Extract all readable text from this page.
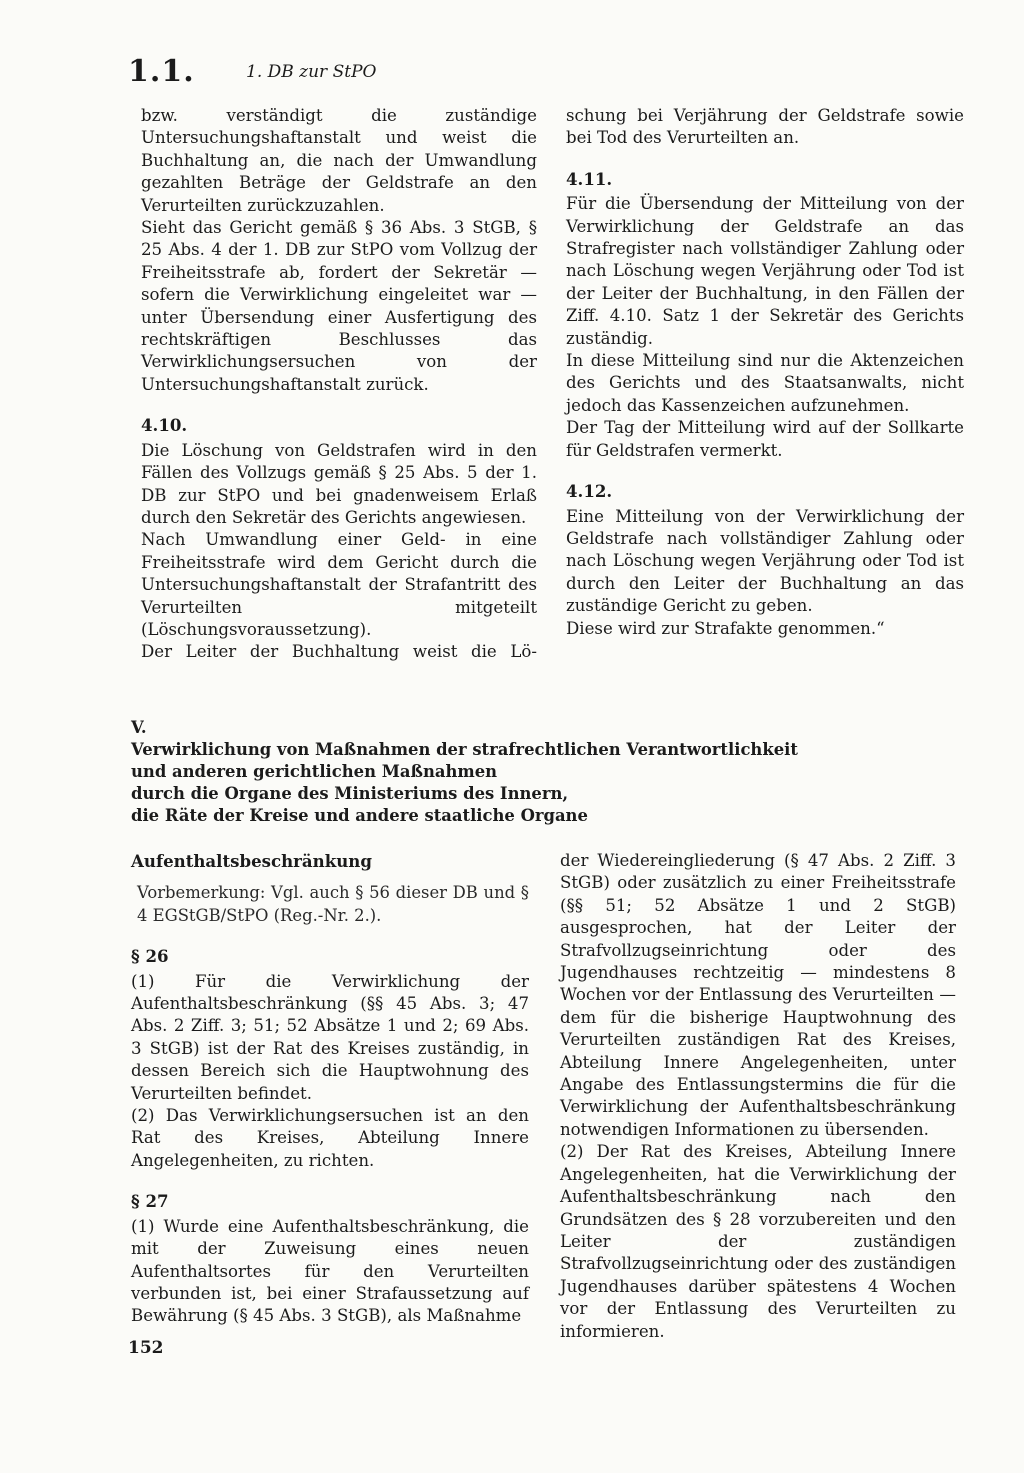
1.1.	1. DB zur StPO

bzw. verständigt die zuständige Untersuchungshaftanstalt und weist die Buchhaltung an, die nach der Umwandlung gezahlten Beträge der Geldstrafe an den Verurteilten zurückzuzahlen.

Sieht das Gericht gemäß § 36 Abs. 3 StGB, § 25 Abs. 4 der 1. DB zur StPO vom Vollzug der Freiheitsstrafe ab, fordert der Sekretär — sofern die Verwirklichung eingeleitet war — unter Übersendung einer Ausfertigung des rechtskräftigen Beschlusses das Verwirklichungsersuchen von der Untersuchungshaftanstalt zurück.

4.10.

Die Löschung von Geldstrafen wird in den Fällen des Vollzugs gemäß § 25 Abs. 5 der 1. DB zur StPO und bei gnadenweisem Erlaß durch den Sekretär des Gerichts angewiesen.

Nach Umwandlung einer Geld- in eine Freiheitsstrafe wird dem Gericht durch die Untersuchungshaftanstalt der Strafantritt des Verurteilten mitgeteilt (Löschungsvoraussetzung).

Der Leiter der Buchhaltung weist die Lö-

schung bei Verjährung der Geldstrafe sowie bei Tod des Verurteilten an.

4.11.

Für die Übersendung der Mitteilung von der Verwirklichung der Geldstrafe an das Strafregister nach vollständiger Zahlung oder nach Löschung wegen Verjährung oder Tod ist der Leiter der Buchhaltung, in den Fällen der Ziff. 4.10. Satz 1 der Sekretär des Gerichts zuständig.

In diese Mitteilung sind nur die Aktenzeichen des Gerichts und des Staatsanwalts, nicht jedoch das Kassenzeichen aufzunehmen.

Der Tag der Mitteilung wird auf der Sollkarte für Geldstrafen vermerkt.

4.12.

Eine Mitteilung von der Verwirklichung der Geldstrafe nach vollständiger Zahlung oder nach Löschung wegen Verjährung oder Tod ist durch den Leiter der Buchhaltung an das zuständige Gericht zu geben.

Diese wird zur Strafakte genommen.“

V.
Verwirklichung von Maßnahmen der strafrechtlichen Verantwortlichkeit
und anderen gerichtlichen Maßnahmen
durch die Organe des Ministeriums des Innern,
die Räte der Kreise und andere staatliche Organe

Aufenthaltsbeschränkung

Vorbemerkung: Vgl. auch § 56 dieser DB und § 4 EGStGB/StPO (Reg.-Nr. 2.).

§ 26

(1) Für die Verwirklichung der Aufenthaltsbeschränkung (§§ 45 Abs. 3; 47 Abs. 2 Ziff. 3; 51; 52 Absätze 1 und 2; 69 Abs. 3 StGB) ist der Rat des Kreises zuständig, in dessen Bereich sich die Hauptwohnung des Verurteilten befindet.

(2) Das Verwirklichungsersuchen ist an den Rat des Kreises, Abteilung Innere Angelegenheiten, zu richten.

§ 27

(1) Wurde eine Aufenthaltsbeschränkung, die mit der Zuweisung eines neuen Aufenthaltsortes für den Verurteilten verbunden ist, bei einer Strafaussetzung auf Bewährung (§ 45 Abs. 3 StGB), als Maßnahme

der Wiedereingliederung (§ 47 Abs. 2 Ziff. 3 StGB) oder zusätzlich zu einer Freiheitsstrafe (§§ 51; 52 Absätze 1 und 2 StGB) ausgesprochen, hat der Leiter der Strafvollzugseinrichtung oder des Jugendhauses rechtzeitig — mindestens 8 Wochen vor der Entlassung des Verurteilten — dem für die bisherige Hauptwohnung des Verurteilten zuständigen Rat des Kreises, Abteilung Innere Angelegenheiten, unter Angabe des Entlassungstermins die für die Verwirklichung der Aufenthaltsbeschränkung notwendigen Informationen zu übersenden.

(2) Der Rat des Kreises, Abteilung Innere Angelegenheiten, hat die Verwirklichung der Aufenthaltsbeschränkung nach den Grundsätzen des § 28 vorzubereiten und den Leiter der zuständigen Strafvollzugseinrichtung oder des zuständigen Jugendhauses darüber spätestens 4 Wochen vor der Entlassung des Verurteilten zu informieren.

152
